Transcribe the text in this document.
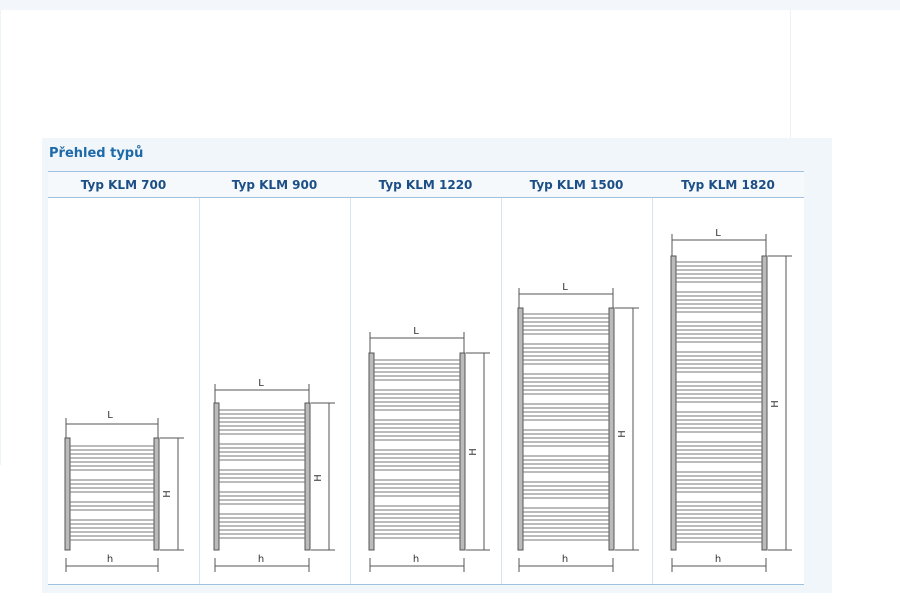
Přehled typů
Typ KLM 700
L
H
h
Typ KLM 900
L
H
h
Typ KLM 1220
L
H
h
Typ KLM 1500
L
H
h
Typ KLM 1820
L
H
h
